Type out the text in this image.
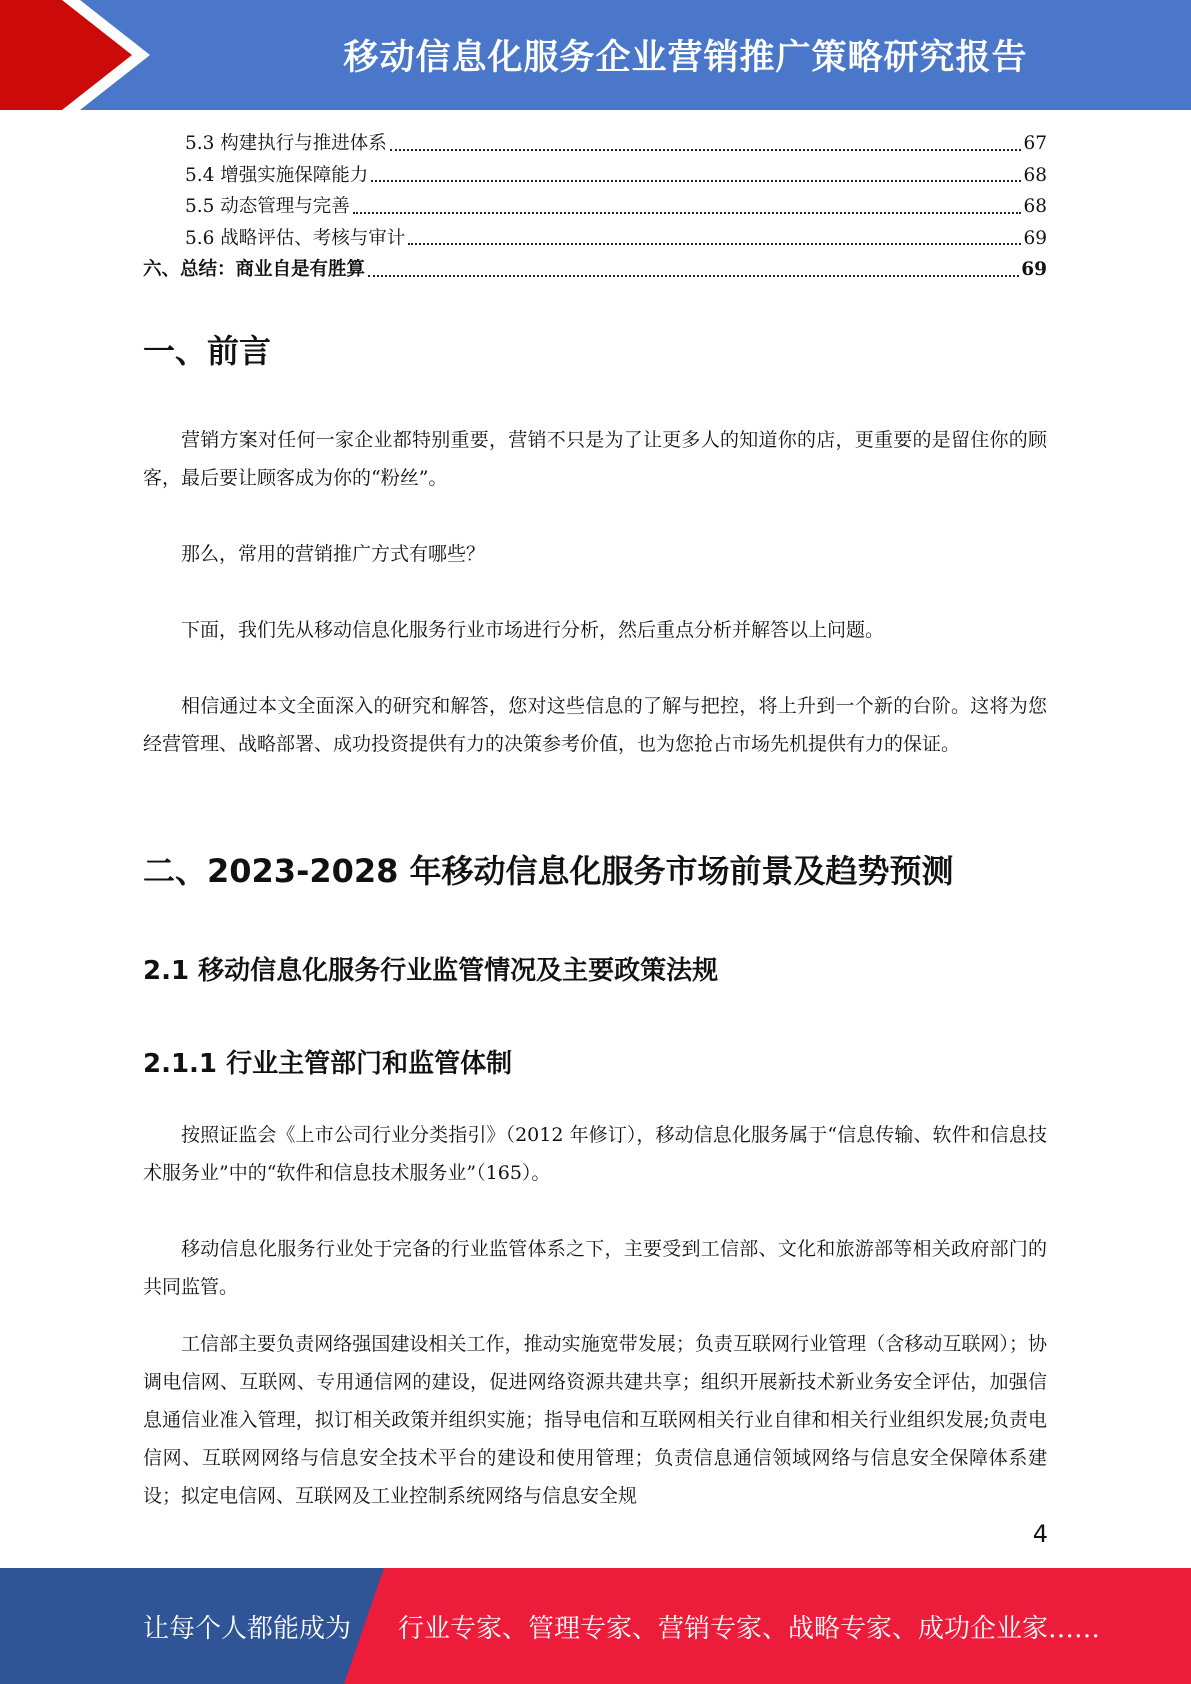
移动信息化服务企业营销推广策略研究报告
5.3 构建执行与推进体系	67
5.4 增强实施保障能力	68
5.5 动态管理与完善	68
5.6 战略评估、考核与审计	69
六、总结：商业自是有胜算	69
一、前言

营销方案对任何一家企业都特别重要，营销不只是为了让更多人的知道你的店，更重要的是留住你的顾客，最后要让顾客成为你的“粉丝”。

那么，常用的营销推广方式有哪些？

下面，我们先从移动信息化服务行业市场进行分析，然后重点分析并解答以上问题。

相信通过本文全面深入的研究和解答，您对这些信息的了解与把控，将上升到一个新的台阶。这将为您经营管理、战略部署、成功投资提供有力的决策参考价值，也为您抢占市场先机提供有力的保证。

二、2023-2028 年移动信息化服务市场前景及趋势预测
2.1 移动信息化服务行业监管情况及主要政策法规
2.1.1 行业主管部门和监管体制

按照证监会《上市公司行业分类指引》（2012 年修订），移动信息化服务属于“信息传输、软件和信息技术服务业”中的“软件和信息技术服务业”（165）。

移动信息化服务行业处于完备的行业监管体系之下，主要受到工信部、文化和旅游部等相关政府部门的共同监管。

工信部主要负责网络强国建设相关工作，推动实施宽带发展；负责互联网行业管理（含移动互联网）；协调电信网、互联网、专用通信网的建设，促进网络资源共建共享；组织开展新技术新业务安全评估，加强信息通信业准入管理，拟订相关政策并组织实施；指导电信和互联网相关行业自律和相关行业组织发展;负责电信网、互联网网络与信息安全技术平台的建设和使用管理；负责信息通信领域网络与信息安全保障体系建设；拟定电信网、互联网及工业控制系统网络与信息安全规

4
让每个人都能成为 行业专家、管理专家、营销专家、战略专家、成功企业家……
